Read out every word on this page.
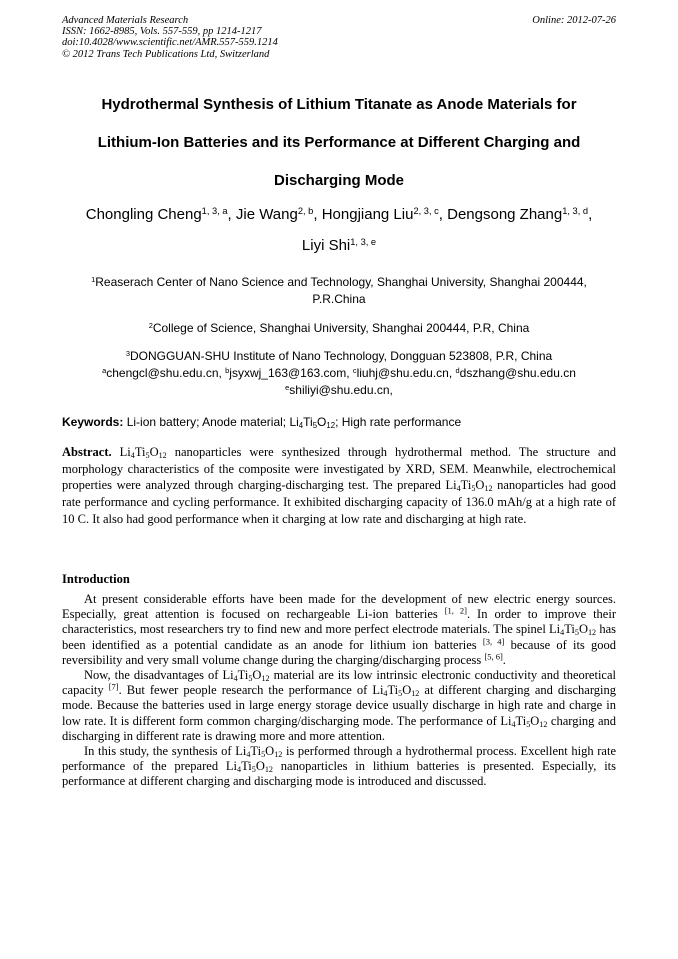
Advanced Materials Research	Online: 2012-07-26
ISSN: 1662-8985, Vols. 557-559, pp 1214-1217
doi:10.4028/www.scientific.net/AMR.557-559.1214
© 2012 Trans Tech Publications Ltd, Switzerland
Hydrothermal Synthesis of Lithium Titanate as Anode Materials for
Lithium-Ion Batteries and its Performance at Different Charging and
Discharging Mode
Chongling Cheng$^{1, 3, a}$, Jie Wang$^{2, b}$, Hongjiang Liu$^{2, 3, c}$, Dengsong Zhang$^{1, 3, d}$,
Liyi Shi$^{1, 3, e}$
$^1$Reaserach Center of Nano Science and Technology, Shanghai University, Shanghai 200444,
P.R.China
$^2$College of Science, Shanghai University, Shanghai 200444, P.R, China
$^3$DONGGUAN-SHU Institute of Nano Technology, Dongguan 523808, P.R, China
$^a$chengcl@shu.edu.cn, $^b$jsyxwj_163@163.com, $^c$liuhj@shu.edu.cn, $^d$dszhang@shu.edu.cn
$^e$shiliyi@shu.edu.cn,
Keywords: Li-ion battery; Anode material; $Li_4Ti_5O_{12}$; High rate performance
Abstract. $Li_4Ti_5O_{12}$ nanoparticles were synthesized through hydrothermal method. The structure and morphology characteristics of the composite were investigated by XRD, SEM. Meanwhile, electrochemical properties were analyzed through charging-discharging test. The prepared $Li_4Ti_5O_{12}$ nanoparticles had good rate performance and cycling performance. It exhibited discharging capacity of 136.0 mAh/g at a high rate of 10 C. It also had good performance when it charging at low rate and discharging at high rate.
Introduction

At present considerable efforts have been made for the development of new electric energy sources. Especially, great attention is focused on rechargeable Li-ion batteries [1, 2]. In order to improve their characteristics, most researchers try to find new and more perfect electrode materials. The spinel $Li_4Ti_5O_{12}$ has been identified as a potential candidate as an anode for lithium ion batteries [3, 4] because of its good reversibility and very small volume change during the charging/discharging process [5, 6].

Now, the disadvantages of $Li_4Ti_5O_{12}$ material are its low intrinsic electronic conductivity and theoretical capacity [7]. But fewer people research the performance of $Li_4Ti_5O_{12}$ at different charging and discharging mode. Because the batteries used in large energy storage device usually discharge in high rate and charge in low rate. It is different form common charging/discharging mode. The performance of $Li_4Ti_5O_{12}$ charging and discharging in different rate is drawing more and more attention.

In this study, the synthesis of $Li_4Ti_5O_{12}$ is performed through a hydrothermal process. Excellent high rate performance of the prepared $Li_4Ti_5O_{12}$ nanoparticles in lithium batteries is presented. Especially, its performance at different charging and discharging mode is introduced and discussed.
